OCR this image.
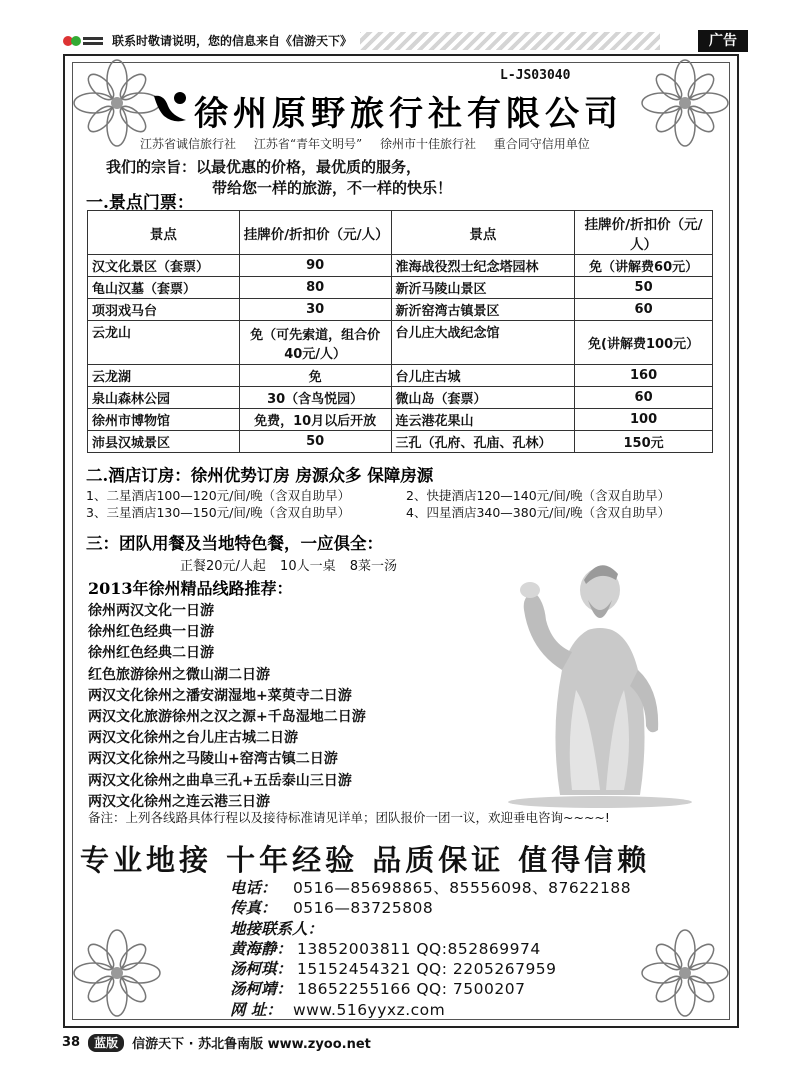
联系时敬请说明，您的信息来自《信游天下》	广告
L-JS03040
徐州原野旅行社有限公司
江苏省诚信旅行社 江苏省“青年文明号” 徐州市十佳旅行社 重合同守信用单位
我们的宗旨：以最优惠的价格，最优质的服务，
带给您一样的旅游，不一样的快乐！
一.景点门票：
景点	挂牌价/折扣价（元/人）	景点	挂牌价/折扣价（元/人）
汉文化景区（套票）	90	淮海战役烈士纪念塔园林	免（讲解费60元）
龟山汉墓（套票）	80	新沂马陵山景区	50
项羽戏马台	30	新沂窑湾古镇景区	60
云龙山	免（可先索道，组合价40元/人）	台儿庄大战纪念馆	免(讲解费100元）
云龙湖	免	台儿庄古城	160
泉山森林公园	30（含鸟悦园）	微山岛（套票）	60
徐州市博物馆	免费，10月以后开放	连云港花果山	100
沛县汉城景区	50	三孔（孔府、孔庙、孔林）	150元
二.酒店订房：徐州优势订房 房源众多 保障房源
1、二星酒店100—120元/间/晚（含双自助早）	2、快捷酒店120—140元/间/晚（含双自助早）
3、三星酒店130—150元/间/晚（含双自助早）	4、四星酒店340—380元/间/晚（含双自助早）
三：团队用餐及当地特色餐，一应俱全：
正餐20元/人起 10人一桌 8菜一汤
2013年徐州精品线路推荐：
徐州两汉文化一日游
徐州红色经典一日游
徐州红色经典二日游
红色旅游徐州之微山湖二日游
两汉文化徐州之潘安湖湿地+菜萸寺二日游
两汉文化旅游徐州之汉之源+千岛湿地二日游
两汉文化徐州之台儿庄古城二日游
两汉文化徐州之马陵山+窑湾古镇二日游
两汉文化徐州之曲阜三孔+五岳泰山三日游
两汉文化徐州之连云港三日游
备注：上列各线路具体行程以及接待标准请见详单；团队报价一团一议，欢迎垂电咨询~~~~!
专业地接 十年经验 品质保证 值得信赖
电话： 0516—85698865、85556098、87622188
传真： 0516—83725808
地接联系人：
黄海静： 13852003811 QQ:852869974
汤柯琪： 15152454321 QQ: 2205267959
汤柯靖： 18652255166 QQ: 7500207
网 址： www.516yyxz.com
38	蓝版	信游天下 · 苏北鲁南版 www.zyoo.net
